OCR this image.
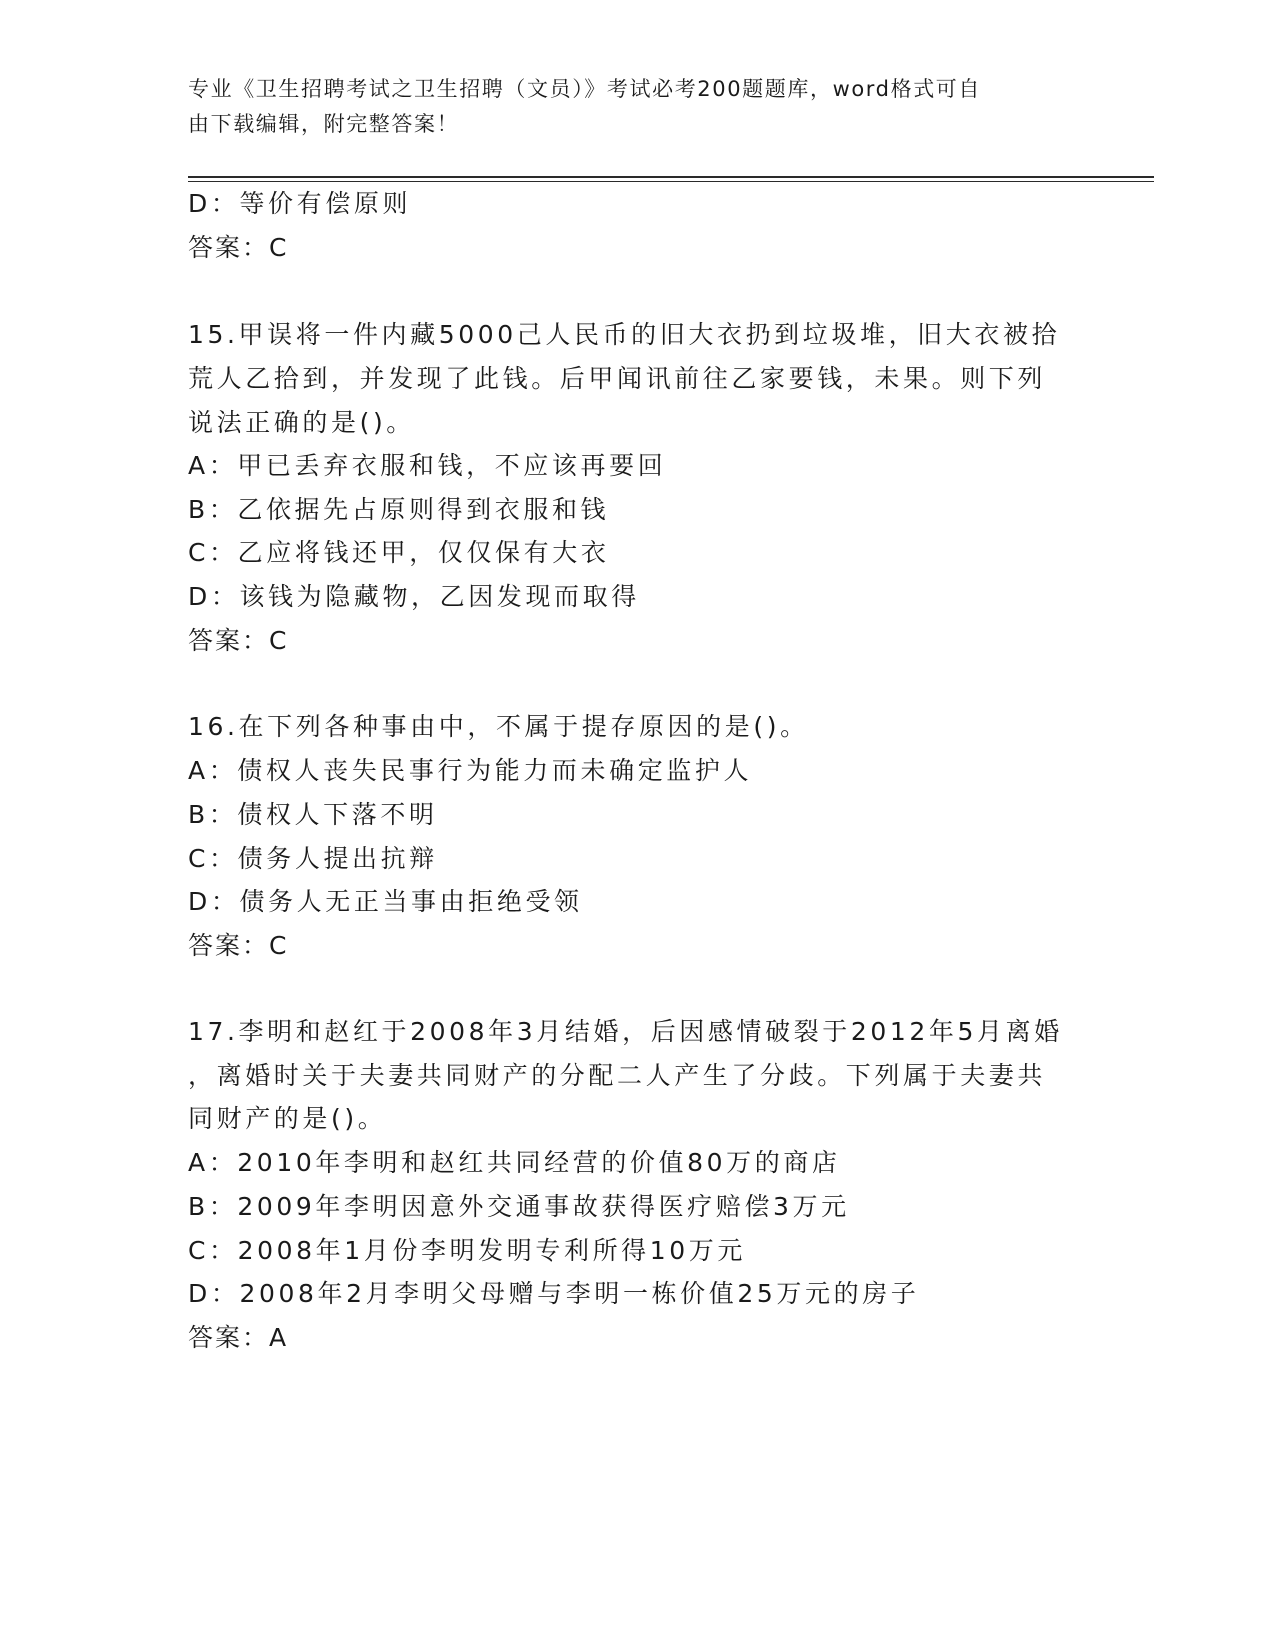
专业《卫生招聘考试之卫生招聘（文员）》考试必考200题题库，word格式可自
由下载编辑，附完整答案！
D：等价有偿原则
答案：C
15.甲误将一件内藏5000己人民币的旧大衣扔到垃圾堆，旧大衣被拾
荒人乙拾到，并发现了此钱。后甲闻讯前往乙家要钱，未果。则下列
说法正确的是()。
A：甲已丢弃衣服和钱，不应该再要回
B：乙依据先占原则得到衣服和钱
C：乙应将钱还甲，仅仅保有大衣
D：该钱为隐藏物，乙因发现而取得
答案：C
16.在下列各种事由中，不属于提存原因的是()。
A：债权人丧失民事行为能力而未确定监护人
B：债权人下落不明
C：债务人提出抗辩
D：债务人无正当事由拒绝受领
答案：C
17.李明和赵红于2008年3月结婚，后因感情破裂于2012年5月离婚
，离婚时关于夫妻共同财产的分配二人产生了分歧。下列属于夫妻共
同财产的是()。
A：2010年李明和赵红共同经营的价值80万的商店
B：2009年李明因意外交通事故获得医疗赔偿3万元
C：2008年1月份李明发明专利所得10万元
D：2008年2月李明父母赠与李明一栋价值25万元的房子
答案：A
